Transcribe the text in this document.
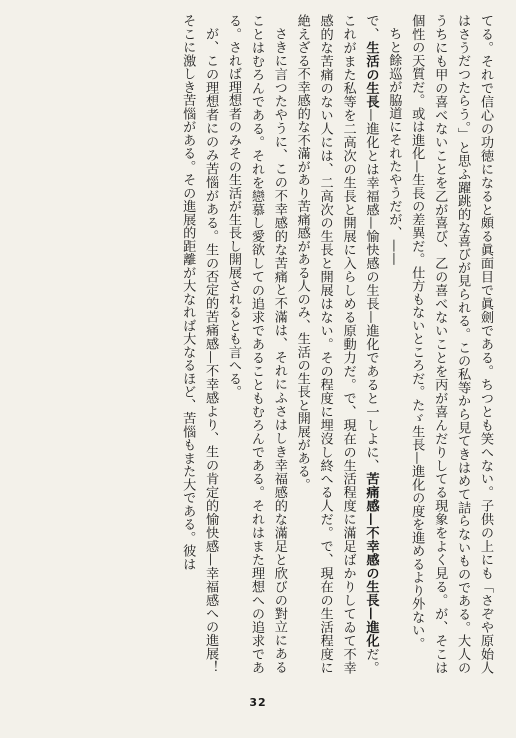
てる。それで信心の功徳になると頗る眞面目で眞劍である。ちつとも笑へない。子供の上にも「さぞや原始人はさうだつたらう。」と思ふ躍跳的な喜びが見られる。この私等から見てきはめて詰らないものである。大人のうちにも甲の喜べないことを乙が喜び、乙の喜べないことを丙が喜んだりしてる現象をよく見る。が、そこは個性の天質だ。或は進化—生長の差異だ。仕方もないところだ。たゞ生長—進化の度を進めるより外ない。

ちと餘巡が脇道にそれたやうだが、——

で、生活の生長—進化とは幸福感—愉快感の生長—進化であると一しよに、苦痛感—不幸感の生長—進化だ。これがまた私等を二高次の生長と開展に入らしめる原動力だ。で、現在の生活程度に滿足ばかりしてゐて不幸感的な苦痛のない人には、二高次の生長と開展はない。その程度に埋沒し終へる人だ。で、現在の生活程度に絶えざる不幸感的な不滿があり苦痛感がある人のみ、生活の生長と開展がある。

さきに言つたやうに、この不幸感的な苦痛と不滿は、それにふさはしき幸福感的な滿足と欣びの對立にあることはむろんである。それを戀慕し愛欲しての追求であることもむろんである。それはまた理想への追求である。されば理想者のみその生活が生長し開展されるとも言へる。

が、この理想者にのみ苦惱がある。生の否定的苦痛感—不幸感より、生の肯定的愉快感—幸福感への進展！　そこに激しき苦惱がある。その進展的距離が大なれば大なるほど、苦惱もまた大である。彼は

32
